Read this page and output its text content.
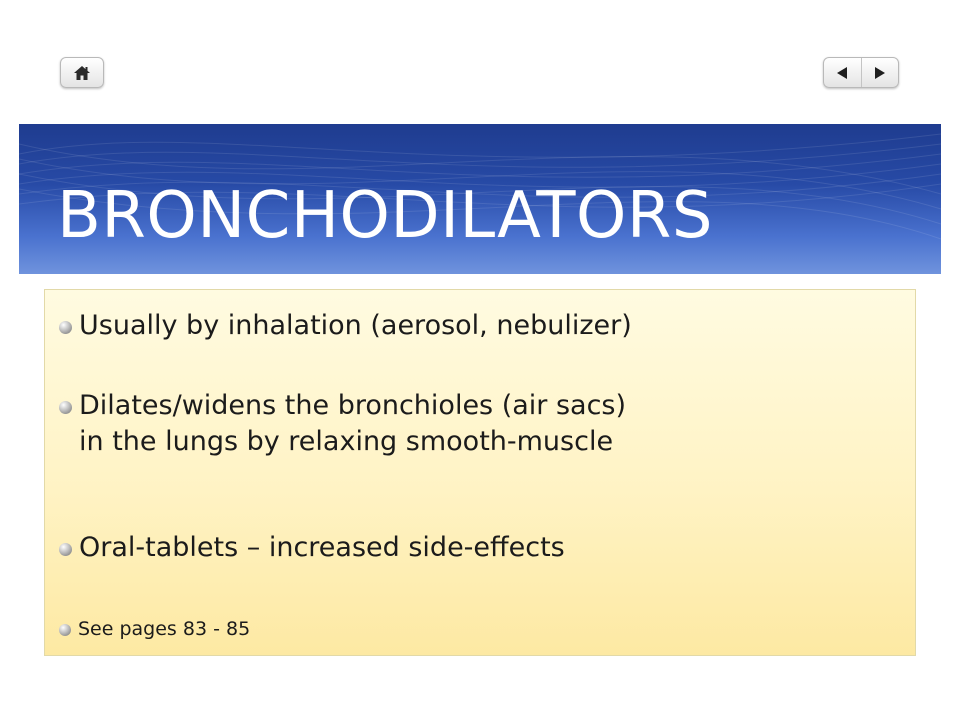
BRONCHODILATORS
Usually by inhalation (aerosol, nebulizer)
Dilates/widens the bronchioles (air sacs)
in the lungs by relaxing smooth-muscle
Oral-tablets – increased side-effects
See pages 83 - 85
